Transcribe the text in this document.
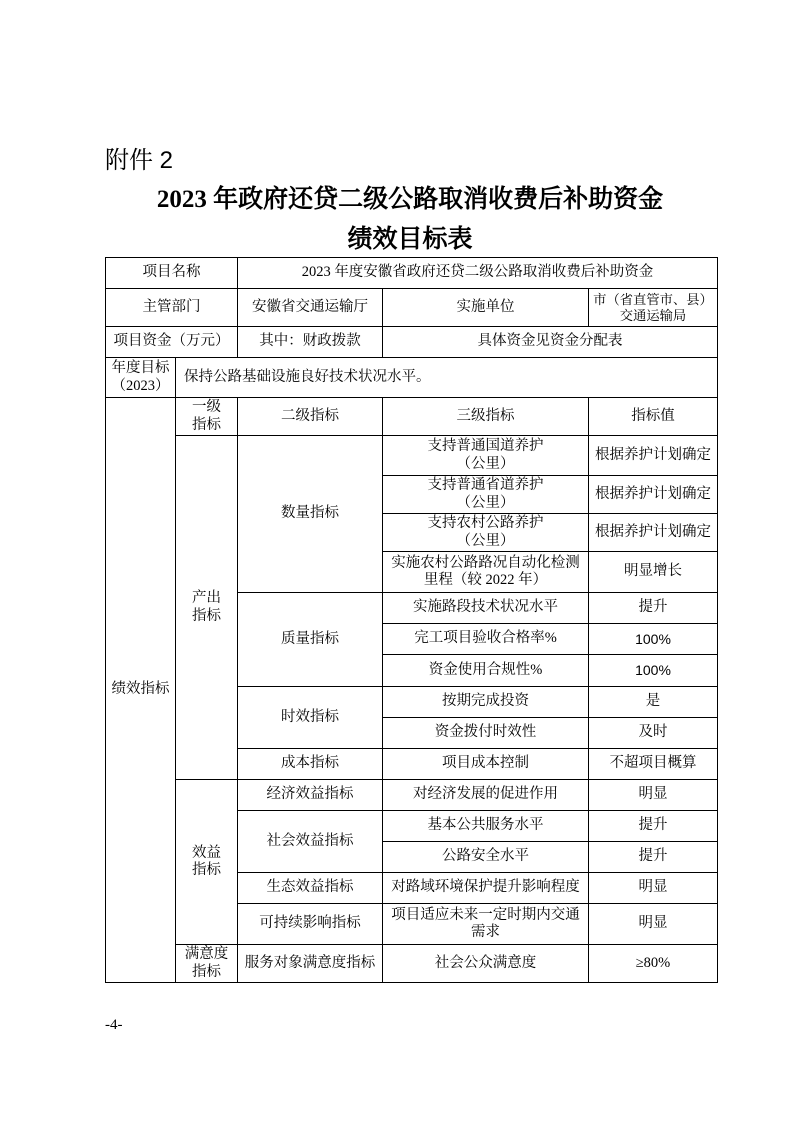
附件 2
2023 年政府还贷二级公路取消收费后补助资金
绩效目标表
项目名称		2023 年度安徽省政府还贷二级公路取消收费后补助资金		
主管部门		安徽省交通运输厅	实施单位	市（省直管市、县）交通运输局
项目资金（万元）		其中：财政拨款	具体资金见资金分配表	
年度目标（2023）	保持公路基础设施良好技术状况水平。			
绩效指标	一级指标	二级指标	三级指标	指标值
	产出指标	数量指标	支持普通国道养护（公里）	根据养护计划确定
			支持普通省道养护（公里）	根据养护计划确定
			支持农村公路养护（公里）	根据养护计划确定
			实施农村公路路况自动化检测里程（较 2022 年）	明显增长
		质量指标	实施路段技术状况水平	提升
			完工项目验收合格率%	100%
			资金使用合规性%	100%
		时效指标	按期完成投资	是
			资金拨付时效性	及时
		成本指标	项目成本控制	不超项目概算
	效益指标	经济效益指标	对经济发展的促进作用	明显
		社会效益指标	基本公共服务水平	提升
			公路安全水平	提升
		生态效益指标	对路域环境保护提升影响程度	明显
		可持续影响指标	项目适应未来一定时期内交通需求	明显
	满意度指标	服务对象满意度指标	社会公众满意度	≥80%
-4-
